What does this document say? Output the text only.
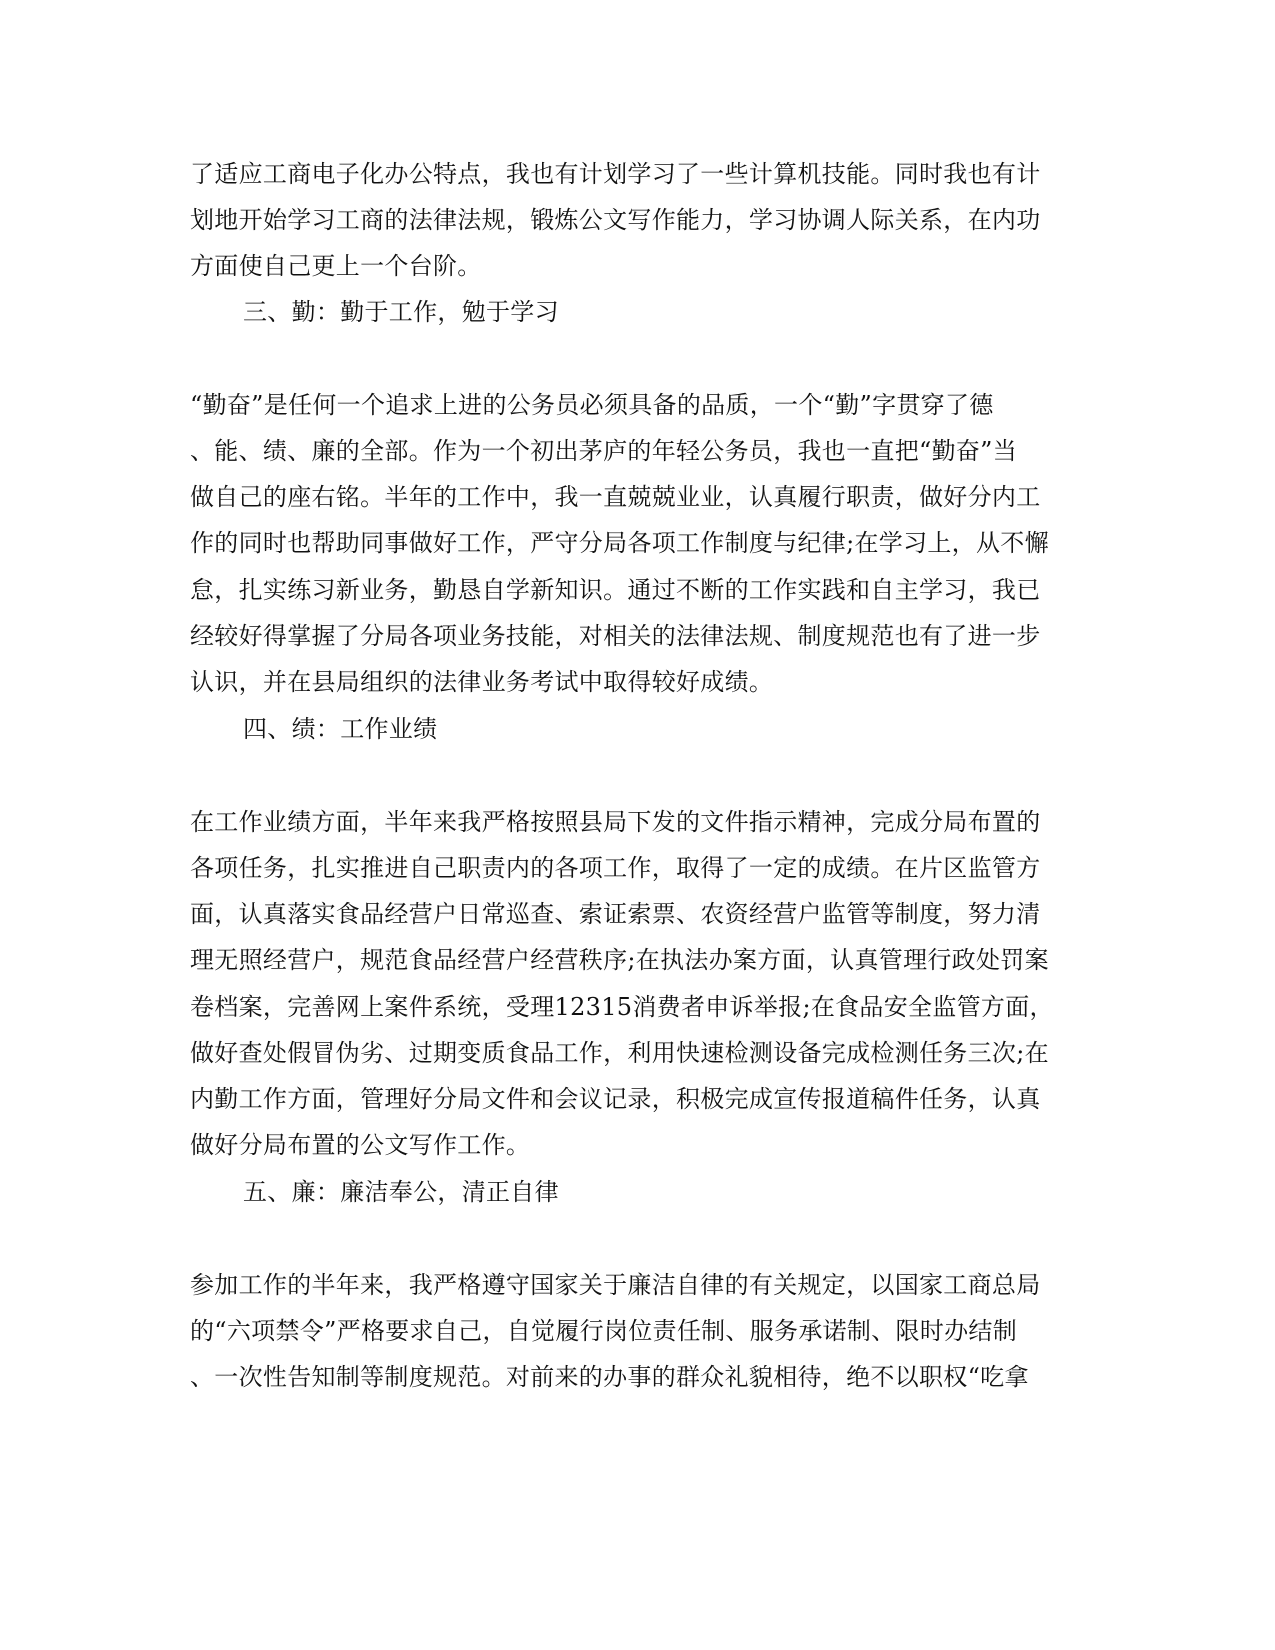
了适应工商电子化办公特点，我也有计划学习了一些计算机技能。同时我也有计
划地开始学习工商的法律法规，锻炼公文写作能力，学习协调人际关系，在内功
方面使自己更上一个台阶。
三、勤：勤于工作，勉于学习
“勤奋”是任何一个追求上进的公务员必须具备的品质，一个“勤”字贯穿了德
、能、绩、廉的全部。作为一个初出茅庐的年轻公务员，我也一直把“勤奋”当
做自己的座右铭。半年的工作中，我一直兢兢业业，认真履行职责，做好分内工
作的同时也帮助同事做好工作，严守分局各项工作制度与纪律;在学习上，从不懈
怠，扎实练习新业务，勤恳自学新知识。通过不断的工作实践和自主学习，我已
经较好得掌握了分局各项业务技能，对相关的法律法规、制度规范也有了进一步
认识，并在县局组织的法律业务考试中取得较好成绩。
四、绩：工作业绩
在工作业绩方面，半年来我严格按照县局下发的文件指示精神，完成分局布置的
各项任务，扎实推进自己职责内的各项工作，取得了一定的成绩。在片区监管方
面，认真落实食品经营户日常巡查、索证索票、农资经营户监管等制度，努力清
理无照经营户，规范食品经营户经营秩序;在执法办案方面，认真管理行政处罚案
卷档案，完善网上案件系统，受理12315消费者申诉举报;在食品安全监管方面，
做好查处假冒伪劣、过期变质食品工作，利用快速检测设备完成检测任务三次;在
内勤工作方面，管理好分局文件和会议记录，积极完成宣传报道稿件任务，认真
做好分局布置的公文写作工作。
五、廉：廉洁奉公，清正自律
参加工作的半年来，我严格遵守国家关于廉洁自律的有关规定，以国家工商总局
的“六项禁令”严格要求自己，自觉履行岗位责任制、服务承诺制、限时办结制
、一次性告知制等制度规范。对前来的办事的群众礼貌相待，绝不以职权“吃拿
